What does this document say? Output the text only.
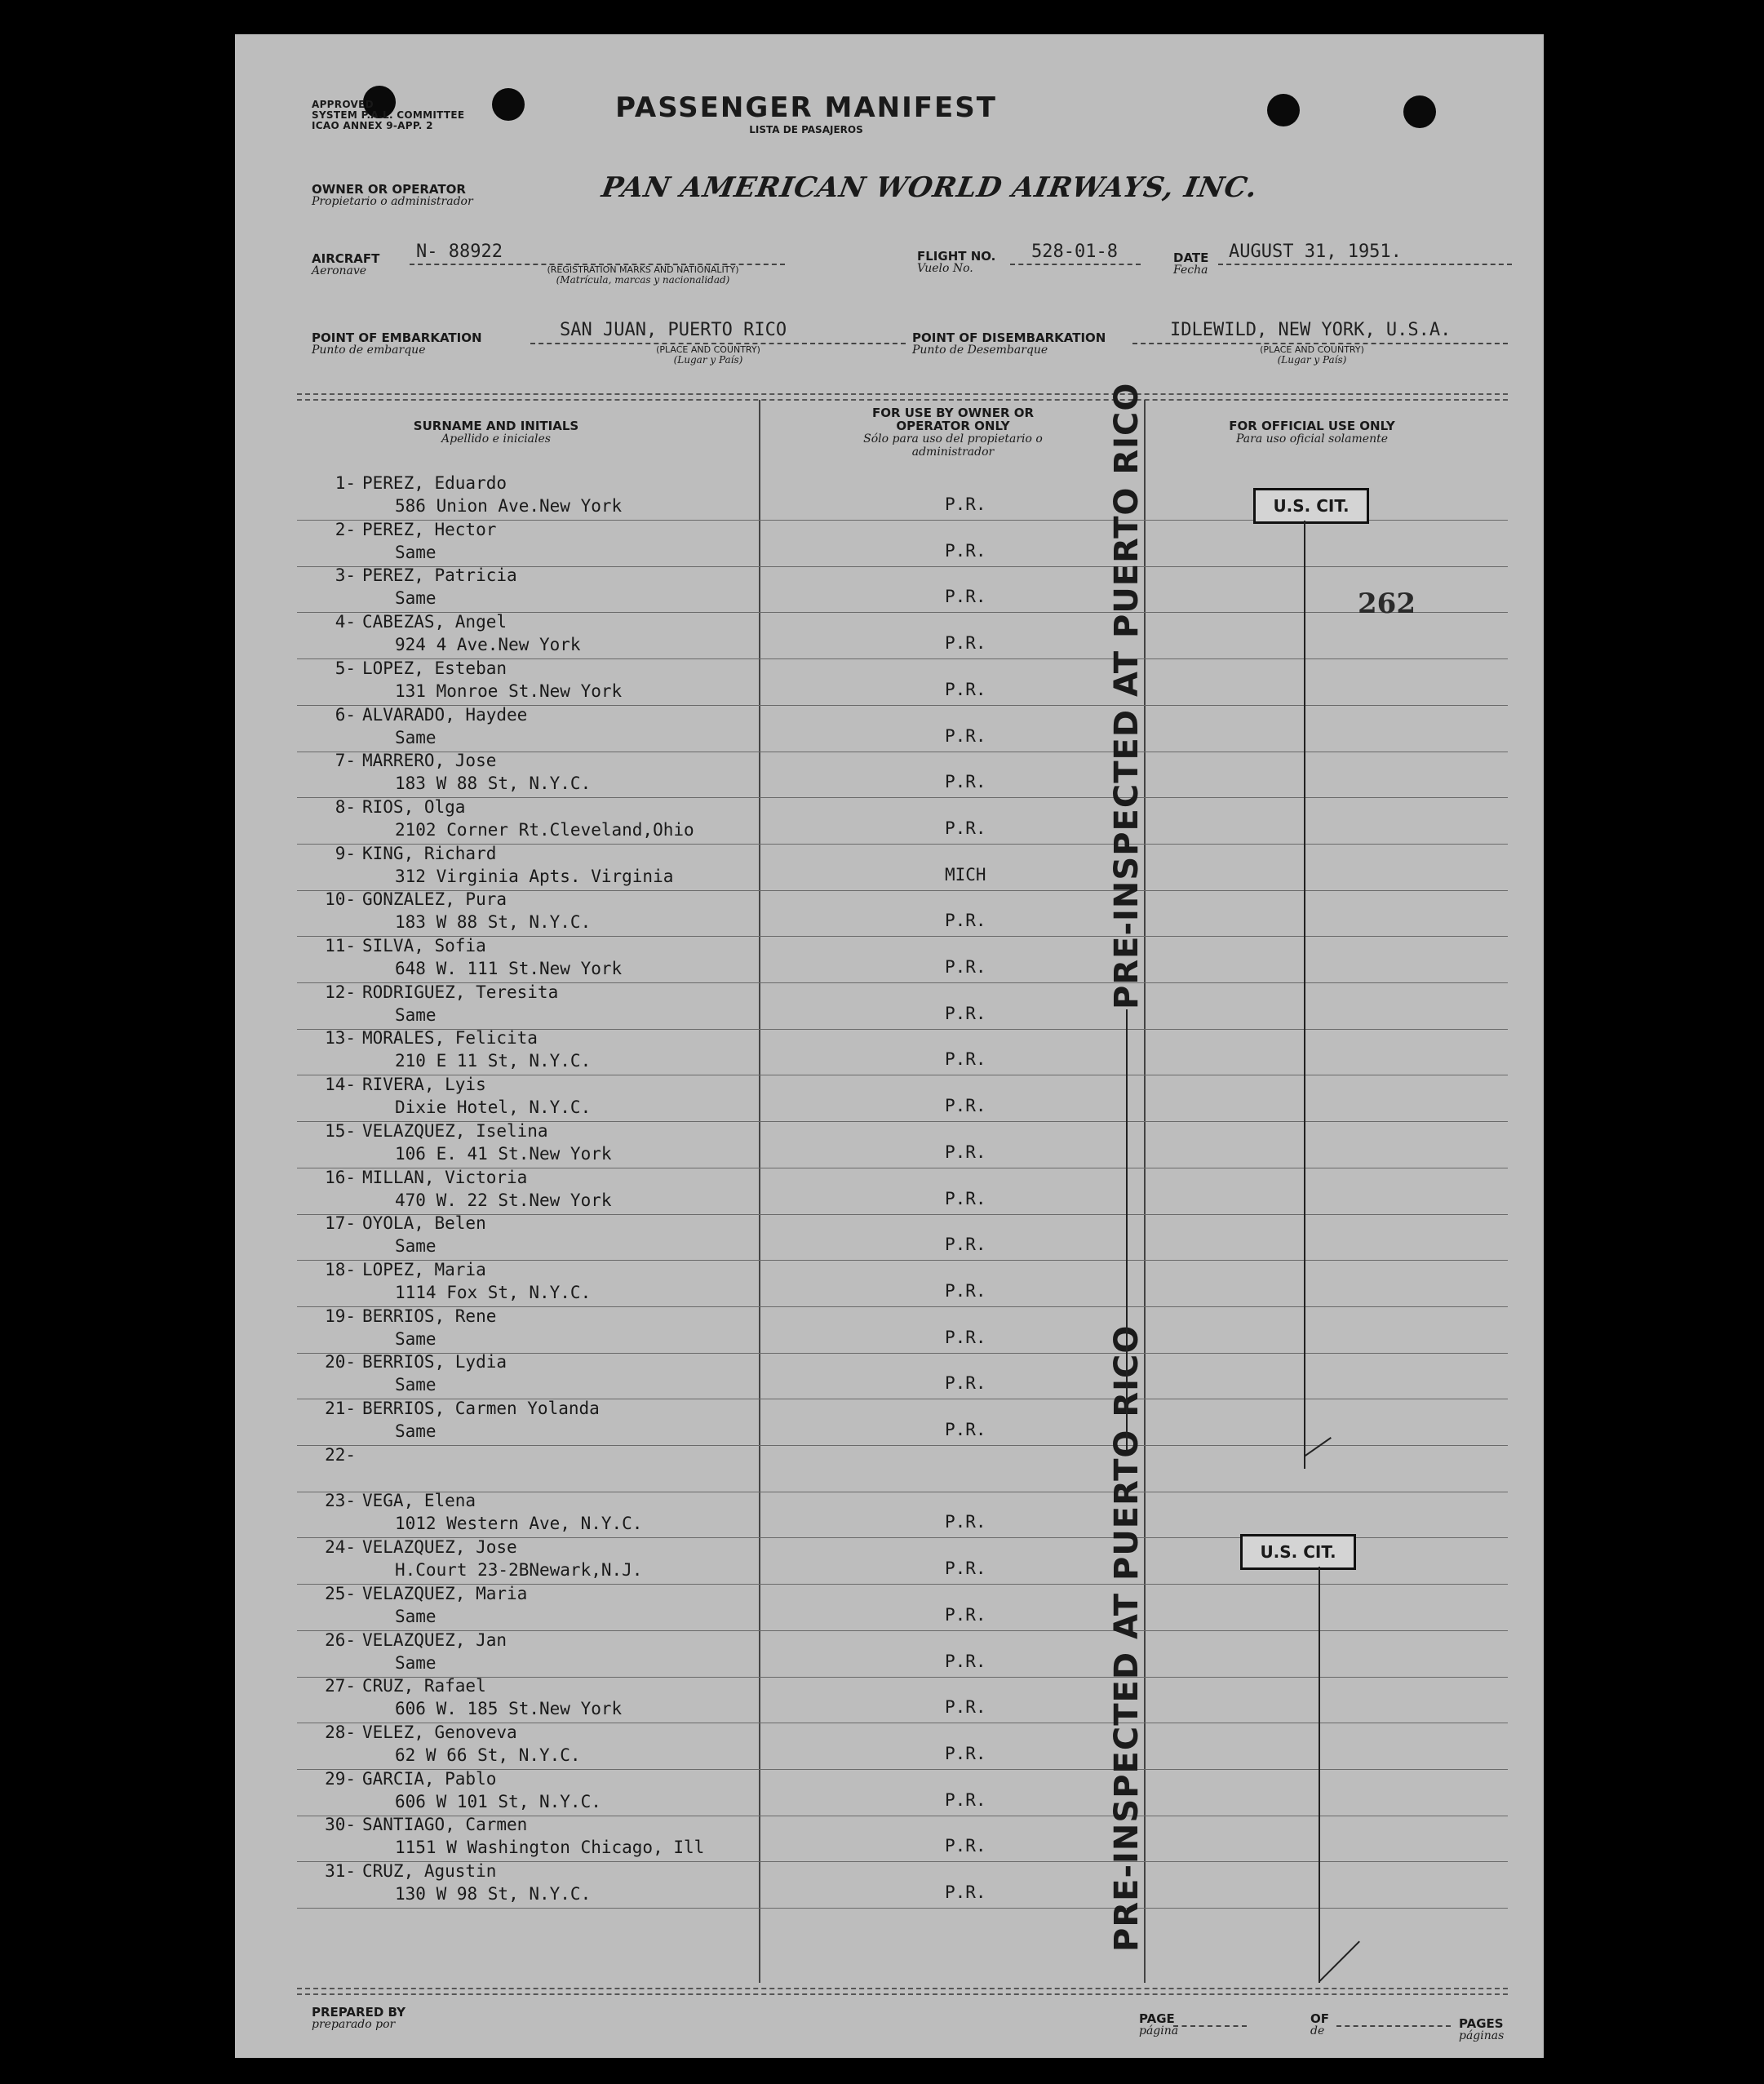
APPROVED
SYSTEM P.A.L. COMMITTEE
ICAO ANNEX 9-APP. 2
PASSENGER MANIFEST
LISTA DE PASAJEROS
OWNER OR OPERATOR
Propietario o administrador	PAN AMERICAN WORLD AIRWAYS, INC.
AIRCRAFT
Aeronave
N- 88922
(REGISTRATION MARKS AND NATIONALITY)
(Matrícula, marcas y nacionalidad)
FLIGHT NO.
Vuelo No.
528-01-8	DATE
Fecha
AUGUST 31, 1951.
POINT OF EMBARKATION
Punto de embarque
SAN JUAN, PUERTO RICO
(PLACE AND COUNTRY)
(Lugar y País)
POINT OF DISEMBARKATION
Punto de Desembarque
IDLEWILD, NEW YORK, U.S.A.
(PLACE AND COUNTRY)
(Lugar y País)
SURNAME AND INITIALS
Apellido e iniciales
FOR USE BY OWNER OR OPERATOR ONLY
Sólo para uso del propietario o administrador
FOR OFFICIAL USE ONLY
Para uso oficial solamente
1- PEREZ, Eduardo
586 Union Ave.New York	P.R.
2- PEREZ, Hector
Same	P.R.
3- PEREZ, Patricia
Same	P.R.
4- CABEZAS, Angel
924 4 Ave.New York	P.R.
5- LOPEZ, Esteban
131 Monroe St.New York	P.R.
6- ALVARADO, Haydee
Same	P.R.
7- MARRERO, Jose
183 W 88 St, N.Y.C.	P.R.
8- RIOS, Olga
2102 Corner Rt.Cleveland,Ohio	P.R.
9- KING, Richard
312 Virginia Apts. Virginia	MICH
10- GONZALEZ, Pura
183 W 88 St, N.Y.C.	P.R.
11- SILVA, Sofia
648 W. 111 St.New York	P.R.
12- RODRIGUEZ, Teresita
Same	P.R.
13- MORALES, Felicita
210 E 11 St, N.Y.C.	P.R.
14- RIVERA, Lyis
Dixie Hotel, N.Y.C.	P.R.
15- VELAZQUEZ, Iselina
106 E. 41 St.New York	P.R.
16- MILLAN, Victoria
470 W. 22 St.New York	P.R.
17- OYOLA, Belen
Same	P.R.
18- LOPEZ, Maria
1114 Fox St, N.Y.C.	P.R.
19- BERRIOS, Rene
Same	P.R.
20- BERRIOS, Lydia
Same	P.R.
21- BERRIOS, Carmen Yolanda
Same	P.R.
22-
23- VEGA, Elena
1012 Western Ave, N.Y.C.	P.R.
24- VELAZQUEZ, Jose
H.Court 23-2BNewark,N.J.	P.R.
25- VELAZQUEZ, Maria
Same	P.R.
26- VELAZQUEZ, Jan
Same	P.R.
27- CRUZ, Rafael
606 W. 185 St.New York	P.R.
28- VELEZ, Genoveva
62 W 66 St, N.Y.C.	P.R.
29- GARCIA, Pablo
606 W 101 St, N.Y.C.	P.R.
30- SANTIAGO, Carmen
1151 W Washington Chicago, Ill	P.R.
31- CRUZ, Agustin
130 W 98 St, N.Y.C.	P.R.
PRE-INSPECTED AT PUERTO RICO
PRE-INSPECTED AT PUERTO RICO
U.S. CIT.
U.S. CIT.
262
PREPARED BY
preparado por	PAGE
página
OF
de	PAGES
páginas
